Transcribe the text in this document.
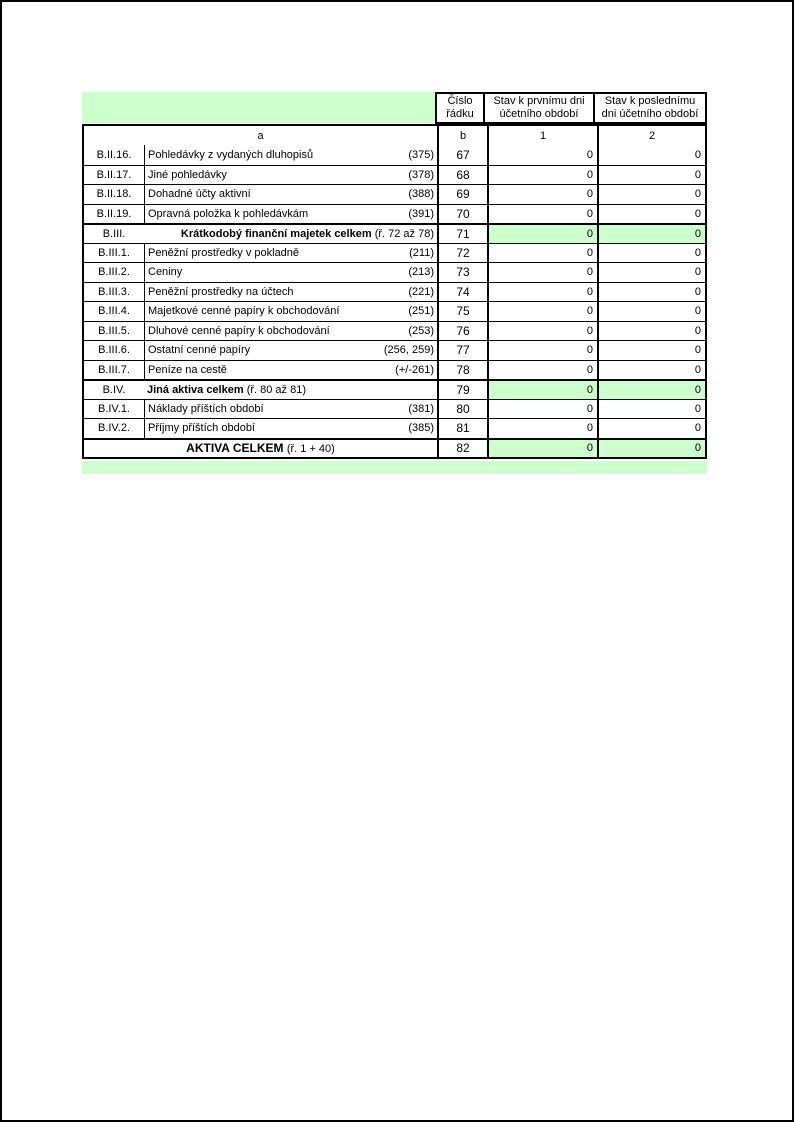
Číslo
řádku
Stav k prvnímu dni
účetního období
Stav k poslednímu
dni účetního období
a	b	1	2
B.II.16.	Pohledávky z vydaných dluhopisů	(375)	67	0	0
B.II.17.	Jiné pohledávky	(378)	68	0	0
B.II.18.	Dohadné účty aktivní	(388)	69	0	0
B.II.19.	Opravná položka k pohledávkám	(391)	70	0	0
B.III.	Krátkodobý finanční majetek celkem (ř. 72 až 78)	71	0	0
B.III.1.	Peněžní prostředky v pokladně	(211)	72	0	0
B.III.2.	Ceniny	(213)	73	0	0
B.III.3.	Peněžní prostředky na účtech	(221)	74	0	0
B.III.4.	Majetkové cenné papíry k obchodování	(251)	75	0	0
B.III.5.	Dluhové cenné papíry k obchodování	(253)	76	0	0
B.III.6.	Ostatní cenné papíry	(256, 259)	77	0	0
B.III.7.	Peníze na cestě	(+/-261)	78	0	0
B.IV.	Jiná aktiva celkem (ř. 80 až 81)	79	0	0
B.IV.1.	Náklady příštích období	(381)	80	0	0
B.IV.2.	Příjmy příštích období	(385)	81	0	0
AKTIVA CELKEM (ř. 1 + 40)	82	0	0
